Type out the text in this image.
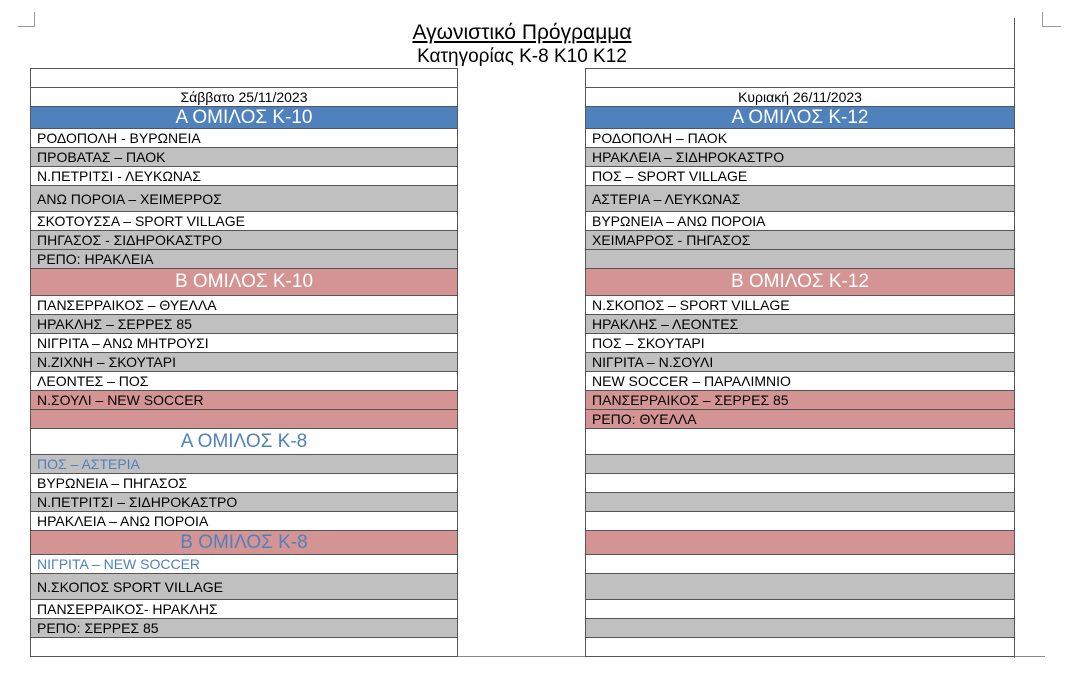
Αγωνιστικό Πρόγραμμα
Κατηγορίας Κ-8 Κ10 Κ12
Σάββατο 25/11/2023
Α ΟΜΙΛΟΣ Κ-10
ΡΟΔΟΠΟΛΗ - ΒΥΡΩΝΕΙΑ
ΠΡΟΒΑΤΑΣ – ΠΑΟΚ
Ν.ΠΕΤΡΙΤΣΙ - ΛΕΥΚΩΝΑΣ
ΑΝΩ ΠΟΡΟΙΑ – ΧΕΙΜΕΡΡΟΣ
ΣΚΟΤΟΥΣΣΑ – SPORT VILLAGE
ΠΗΓΑΣΟΣ - ΣΙΔΗΡΟΚΑΣΤΡΟ
ΡΕΠΟ: ΗΡΑΚΛΕΙΑ
Β ΟΜΙΛΟΣ Κ-10
ΠΑΝΣΕΡΡΑΙΚΟΣ – ΘΥΕΛΛΑ
ΗΡΑΚΛΗΣ – ΣΕΡΡΕΣ 85
ΝΙΓΡΙΤΑ – ΑΝΩ ΜΗΤΡΟΥΣΙ
Ν.ΖΙΧΝΗ – ΣΚΟΥΤΑΡΙ
ΛΕΟΝΤΕΣ – ΠΟΣ
Ν.ΣΟΥΛΙ – NEW SOCCER
Α ΟΜΙΛΟΣ Κ-8
ΠΟΣ – ΑΣΤΕΡΙΑ
ΒΥΡΩΝΕΙΑ – ΠΗΓΑΣΟΣ
Ν.ΠΕΤΡΙΤΣΙ – ΣΙΔΗΡΟΚΑΣΤΡΟ
ΗΡΑΚΛΕΙΑ – ΑΝΩ ΠΟΡΟΙΑ
Β ΟΜΙΛΟΣ Κ-8
ΝΙΓΡΙΤΑ – NEW SOCCER
Ν.ΣΚΟΠΟΣ SPORT VILLAGE
ΠΑΝΣΕΡΡΑΙΚΟΣ- ΗΡΑΚΛΗΣ
ΡΕΠΟ: ΣΕΡΡΕΣ 85
Κυριακή 26/11/2023
Α ΟΜΙΛΟΣ Κ-12
ΡΟΔΟΠΟΛΗ – ΠΑΟΚ
ΗΡΑΚΛΕΙΑ – ΣΙΔΗΡΟΚΑΣΤΡΟ
ΠΟΣ – SPORT VILLAGE
ΑΣΤΕΡΙΑ – ΛΕΥΚΩΝΑΣ
ΒΥΡΩΝΕΙΑ – ΑΝΩ ΠΟΡΟΙΑ
ΧΕΙΜΑΡΡΟΣ - ΠΗΓΑΣΟΣ
Β ΟΜΙΛΟΣ Κ-12
Ν.ΣΚΟΠΟΣ – SPORT VILLAGE
ΗΡΑΚΛΗΣ – ΛΕΟΝΤΕΣ
ΠΟΣ – ΣΚΟΥΤΑΡΙ
ΝΙΓΡΙΤΑ – Ν.ΣΟΥΛΙ
NEW SOCCER – ΠΑΡΑΛΙΜΝΙΟ
ΠΑΝΣΕΡΡΑΙΚΟΣ – ΣΕΡΡΕΣ 85
ΡΕΠΟ: ΘΥΕΛΛΑ
